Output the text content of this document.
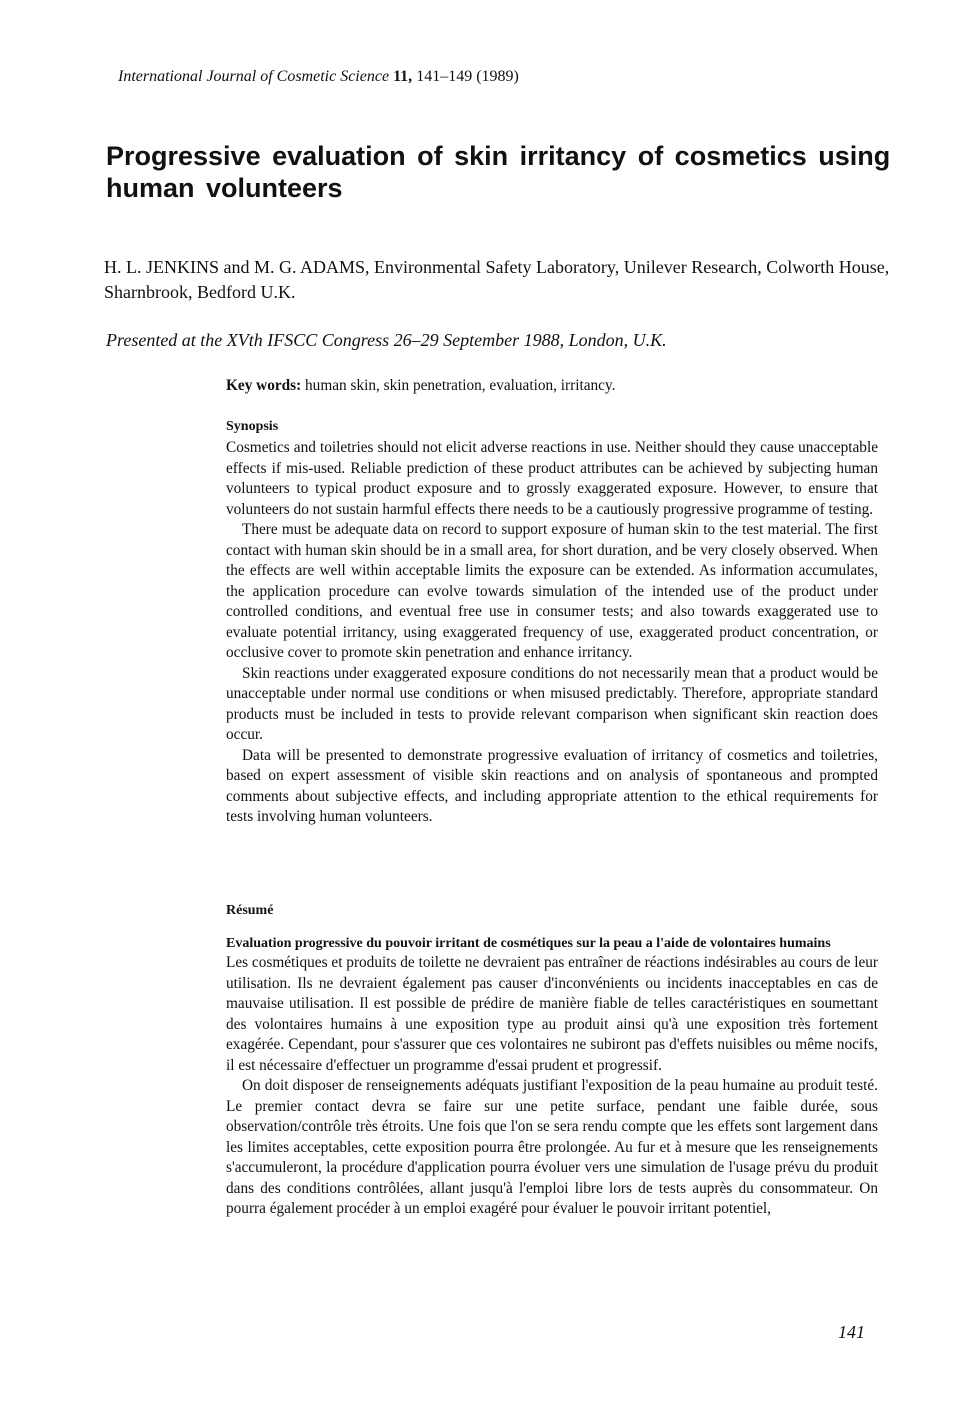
International Journal of Cosmetic Science 11, 141–149 (1989)
Progressive evaluation of skin irritancy of cosmetics using human volunteers

H. L. JENKINS and M. G. ADAMS, Environmental Safety Laboratory, Unilever Research, Colworth House, Sharnbrook, Bedford U.K.

Presented at the XVth IFSCC Congress 26–29 September 1988, London, U.K.

Key words: human skin, skin penetration, evaluation, irritancy.
Synopsis

Cosmetics and toiletries should not elicit adverse reactions in use. Neither should they cause unacceptable effects if mis-used. Reliable prediction of these product attributes can be achieved by subjecting human volunteers to typical product exposure and to grossly exaggerated exposure. However, to ensure that volunteers do not sustain harmful effects there needs to be a cautiously progressive programme of testing.

There must be adequate data on record to support exposure of human skin to the test material. The first contact with human skin should be in a small area, for short duration, and be very closely observed. When the effects are well within acceptable limits the exposure can be extended. As information accumulates, the application procedure can evolve towards simulation of the intended use of the product under controlled conditions, and eventual free use in consumer tests; and also towards exaggerated use to evaluate potential irritancy, using exaggerated frequency of use, exaggerated product concentration, or occlusive cover to promote skin penetration and enhance irritancy.

Skin reactions under exaggerated exposure conditions do not necessarily mean that a product would be unacceptable under normal use conditions or when misused predictably. Therefore, appropriate standard products must be included in tests to provide relevant comparison when significant skin reaction does occur.

Data will be presented to demonstrate progressive evaluation of irritancy of cosmetics and toiletries, based on expert assessment of visible skin reactions and on analysis of spontaneous and prompted comments about subjective effects, and including appropriate attention to the ethical requirements for tests involving human volunteers.

Résumé

Evaluation progressive du pouvoir irritant de cosmétiques sur la peau a l'aide de volontaires humains

Les cosmétiques et produits de toilette ne devraient pas entraîner de réactions indésirables au cours de leur utilisation. Ils ne devraient également pas causer d'inconvénients ou incidents inacceptables en cas de mauvaise utilisation. Il est possible de prédire de manière fiable de telles caractéristiques en soumettant des volontaires humains à une exposition type au produit ainsi qu'à une exposition très fortement exagérée. Cependant, pour s'assurer que ces volontaires ne subiront pas d'effets nuisibles ou même nocifs, il est nécessaire d'effectuer un programme d'essai prudent et progressif.

On doit disposer de renseignements adéquats justifiant l'exposition de la peau humaine au produit testé. Le premier contact devra se faire sur une petite surface, pendant une faible durée, sous observation/contrôle très étroits. Une fois que l'on se sera rendu compte que les effets sont largement dans les limites acceptables, cette exposition pourra être prolongée. Au fur et à mesure que les renseignements s'accumuleront, la procédure d'application pourra évoluer vers une simulation de l'usage prévu du produit dans des conditions contrôlées, allant jusqu'à l'emploi libre lors de tests auprès du consommateur. On pourra également procéder à un emploi exagéré pour évaluer le pouvoir irritant potentiel,

141
